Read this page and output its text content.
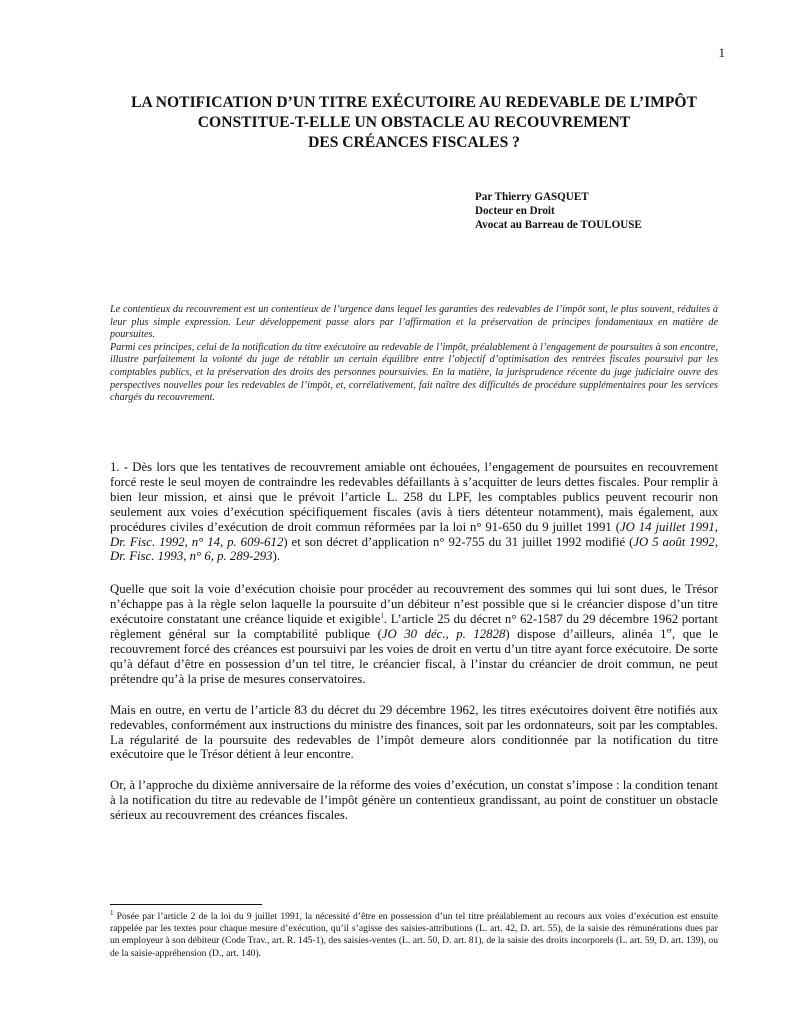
1
LA NOTIFICATION D’UN TITRE EXÉCUTOIRE AU REDEVABLE DE L’IMPÔT
CONSTITUE-T-ELLE UN OBSTACLE AU RECOUVREMENT
DES CRÉANCES FISCALES ?
Par Thierry GASQUET
Docteur en Droit
Avocat au Barreau de TOULOUSE

Le contentieux du recouvrement est un contentieux de l’urgence dans lequel les garanties des redevables de l’impôt sont, le plus souvent, réduites à leur plus simple expression. Leur développement passe alors par l’affirmation et la préservation de principes fondamentaux en matière de poursuites.

Parmi ces principes, celui de la notification du titre exécutoire au redevable de l’impôt, préalablement à l’engagement de poursuites à son encontre, illustre parfaitement la volonté du juge de rétablir un certain équilibre entre l’objectif d’optimisation des rentrées fiscales poursuivi par les comptables publics, et la préservation des droits des personnes poursuivies. En la matière, la jurisprudence récente du juge judiciaire ouvre des perspectives nouvelles pour les redevables de l’impôt, et, corrélativement, fait naître des difficultés de procédure supplémentaires pour les services chargés du recouvrement.

1. - Dès lors que les tentatives de recouvrement amiable ont échouées, l’engagement de poursuites en recouvrement forcé reste le seul moyen de contraindre les redevables défaillants à s’acquitter de leurs dettes fiscales. Pour remplir à bien leur mission, et ainsi que le prévoit l’article L. 258 du LPF, les comptables publics peuvent recourir non seulement aux voies d’exécution spécifiquement fiscales (avis à tiers détenteur notamment), mais également, aux procédures civiles d’exécution de droit commun réformées par la loi n° 91-650 du 9 juillet 1991 (JO 14 juillet 1991, Dr. Fisc. 1992, n° 14, p. 609-612) et son décret d’application n° 92-755 du 31 juillet 1992 modifié (JO 5 août 1992, Dr. Fisc. 1993, n° 6, p. 289-293).

Quelle que soit la voie d’exécution choisie pour procéder au recouvrement des sommes qui lui sont dues, le Trésor n’échappe pas à la règle selon laquelle la poursuite d’un débiteur n’est possible que si le créancier dispose d’un titre exécutoire constatant une créance liquide et exigible$^1$. L’article 25 du décret n° 62-1587 du 29 décembre 1962 portant règlement général sur la comptabilité publique (JO 30 déc., p. 12828) dispose d’ailleurs, alinéa 1er, que le recouvrement forcé des créances est poursuivi par les voies de droit en vertu d’un titre ayant force exécutoire. De sorte qu’à défaut d’être en possession d’un tel titre, le créancier fiscal, à l’instar du créancier de droit commun, ne peut prétendre qu’à la prise de mesures conservatoires.

Mais en outre, en vertu de l’article 83 du décret du 29 décembre 1962, les titres exécutoires doivent être notifiés aux redevables, conformément aux instructions du ministre des finances, soit par les ordonnateurs, soit par les comptables. La régularité de la poursuite des redevables de l’impôt demeure alors conditionnée par la notification du titre exécutoire que le Trésor détient à leur encontre.

Or, à l’approche du dixième anniversaire de la réforme des voies d’exécution, un constat s’impose : la condition tenant à la notification du titre au redevable de l’impôt génère un contentieux grandissant, au point de constituer un obstacle sérieux au recouvrement des créances fiscales.

$^1$ Posée par l’article 2 de la loi du 9 juillet 1991, la nécessité d’être en possession d’un tel titre préalablement au recours aux voies d’exécution est ensuite rappelée par les textes pour chaque mesure d’exécution, qu’il s’agisse des saisies-attributions (L. art. 42, D. art. 55), de la saisie des rémunérations dues par un employeur à son débiteur (Code Trav., art. R. 145-1), des saisies-ventes (L. art. 50, D. art. 81), de la saisie des droits incorporels (L. art. 59, D. art. 139), ou de la saisie-appréhension (D., art. 140).
